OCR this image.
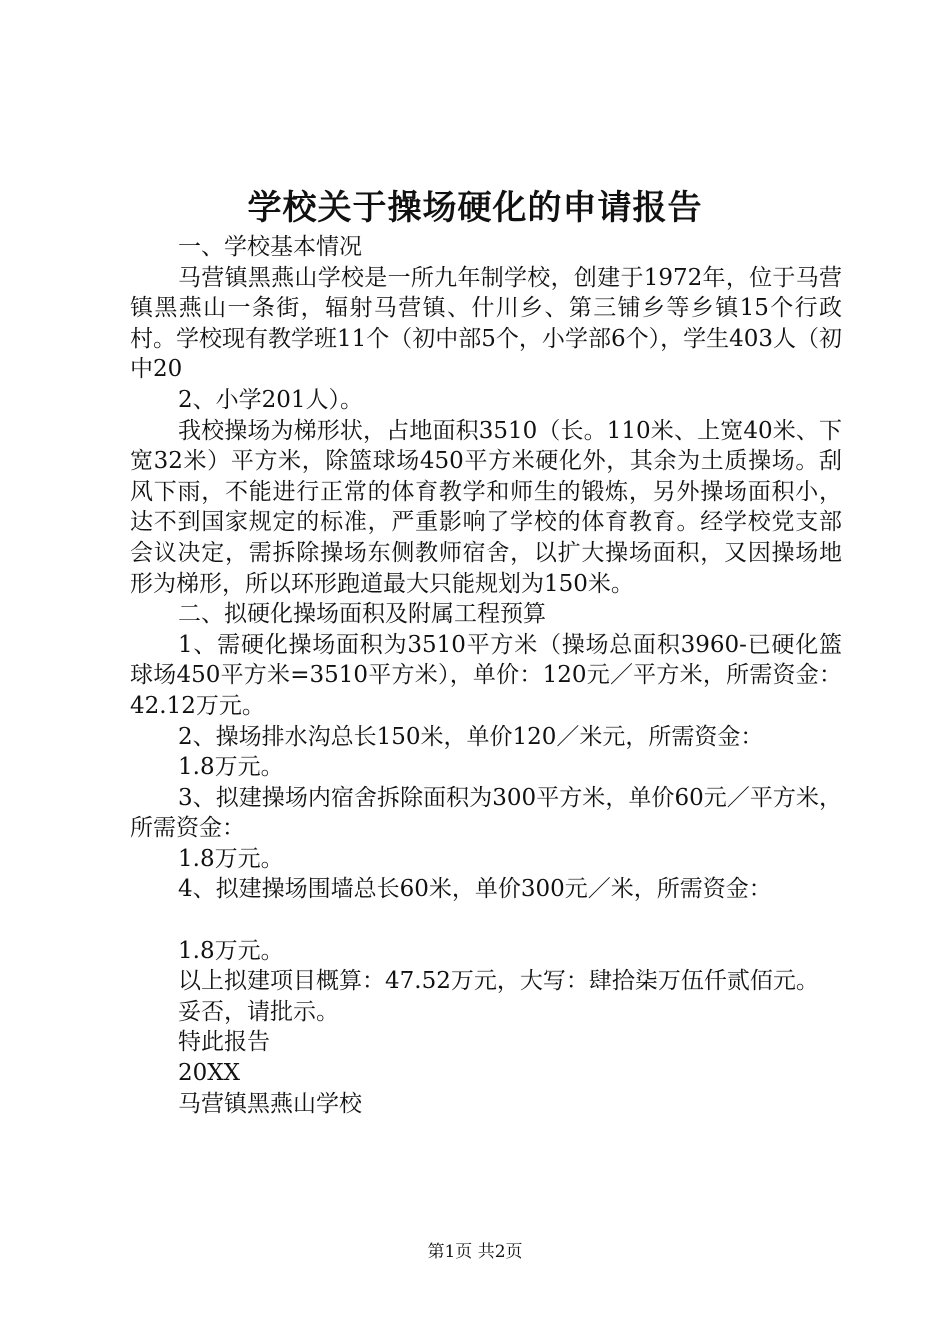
学校关于操场硬化的申请报告

一、学校基本情况

马营镇黑燕山学校是一所九年制学校，创建于1972年，位于马营镇黑燕山一条街，辐射马营镇、什川乡、第三铺乡等乡镇15个行政村。学校现有教学班11个（初中部5个，小学部6个），学生403人（初中20

2、小学201人）。

我校操场为梯形状，占地面积3510（长。110米、上宽40米、下宽32米）平方米，除篮球场450平方米硬化外，其余为土质操场。刮风下雨，不能进行正常的体育教学和师生的锻炼，另外操场面积小，达不到国家规定的标准，严重影响了学校的体育教育。经学校党支部会议决定，需拆除操场东侧教师宿舍，以扩大操场面积，又因操场地形为梯形，所以环形跑道最大只能规划为150米。

二、拟硬化操场面积及附属工程预算

1、需硬化操场面积为3510平方米（操场总面积3960-已硬化篮球场450平方米=3510平方米），单价：120元／平方米，所需资金：42.12万元。

2、操场排水沟总长150米，单价120／米元，所需资金：

1.8万元。

3、拟建操场内宿舍拆除面积为300平方米，单价60元／平方米，所需资金：

1.8万元。

4、拟建操场围墙总长60米，单价300元／米，所需资金：

1.8万元。

以上拟建项目概算：47.52万元，大写：肆拾柒万伍仟贰佰元。

妥否，请批示。

特此报告

20XX

马营镇黑燕山学校

第1页 共2页
